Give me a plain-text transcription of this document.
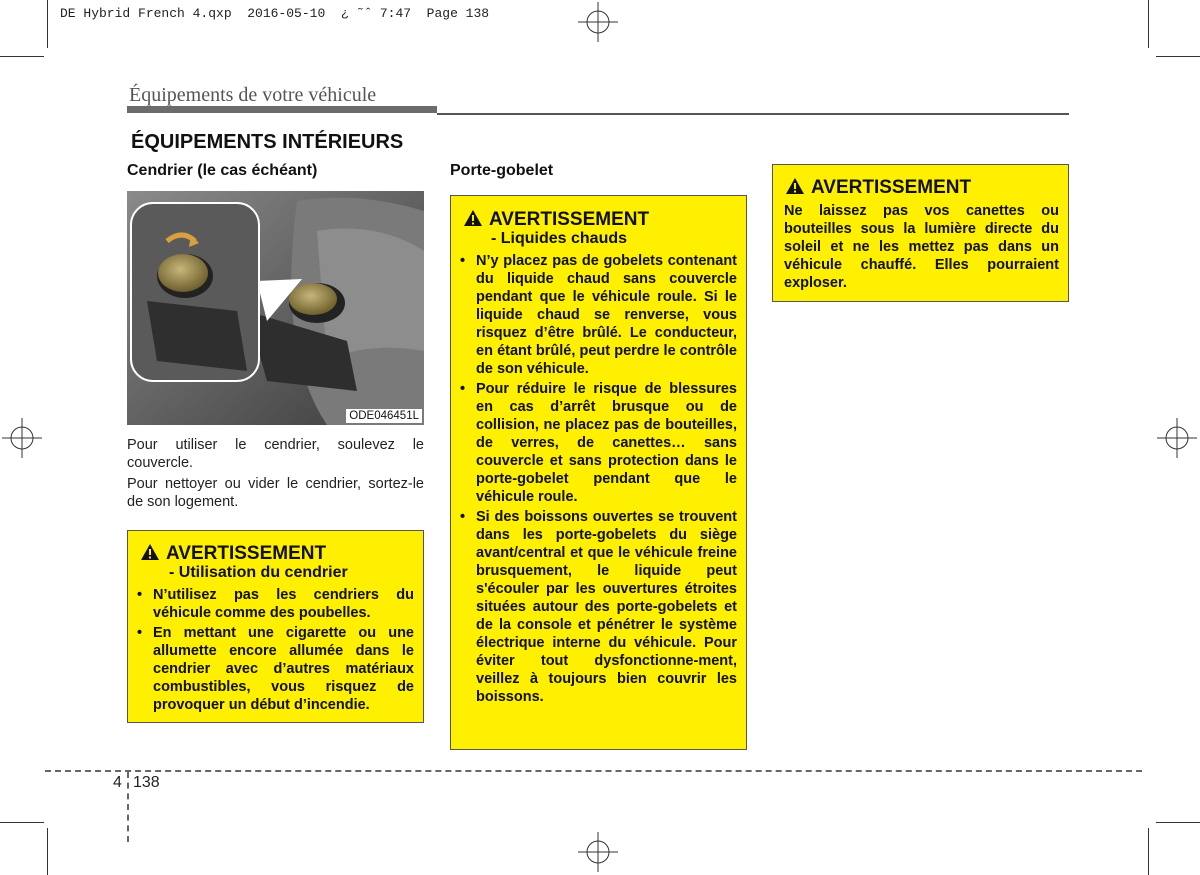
DE Hybrid French 4.qxp  2016-05-10  ¿ ˜ˆ 7:47  Page 138
Équipements de votre véhicule
ÉQUIPEMENTS INTÉRIEURS
Cendrier (le cas échéant)
ODE046451L
Pour utiliser le cendrier, soulevez le couvercle.
Pour nettoyer ou vider le cendrier, sortez-le de son logement.
AVERTISSEMENT
- Utilisation du cendrier
• N’utilisez pas les cendriers du véhicule comme des poubelles.
• En mettant une cigarette ou une allumette encore allumée dans le cendrier avec d’autres matériaux combustibles, vous risquez de provoquer un début d’incendie.
Porte-gobelet
AVERTISSEMENT
- Liquides chauds
• N’y placez pas de gobelets contenant du liquide chaud sans couvercle pendant que le véhicule roule. Si le liquide chaud se renverse, vous risquez d’être brûlé. Le conducteur, en étant brûlé, peut perdre le contrôle de son véhicule.
• Pour réduire le risque de blessures en cas d’arrêt brusque ou de collision, ne placez pas de bouteilles, de verres, de canettes… sans couvercle et sans protection dans le porte-gobelet pendant que le véhicule roule.
• Si des boissons ouvertes se trouvent dans les porte-gobelets du siège avant/central et que le véhicule freine brusquement, le liquide peut s'écouler par les ouvertures étroites situées autour des porte-gobelets et de la console et pénétrer le système électrique interne du véhicule. Pour éviter tout dysfonctionne-ment, veillez à toujours bien couvrir les boissons.
AVERTISSEMENT
Ne laissez pas vos canettes ou bouteilles sous la lumière directe du soleil et ne les mettez pas dans un véhicule chauffé. Elles pourraient exploser.
4 138
